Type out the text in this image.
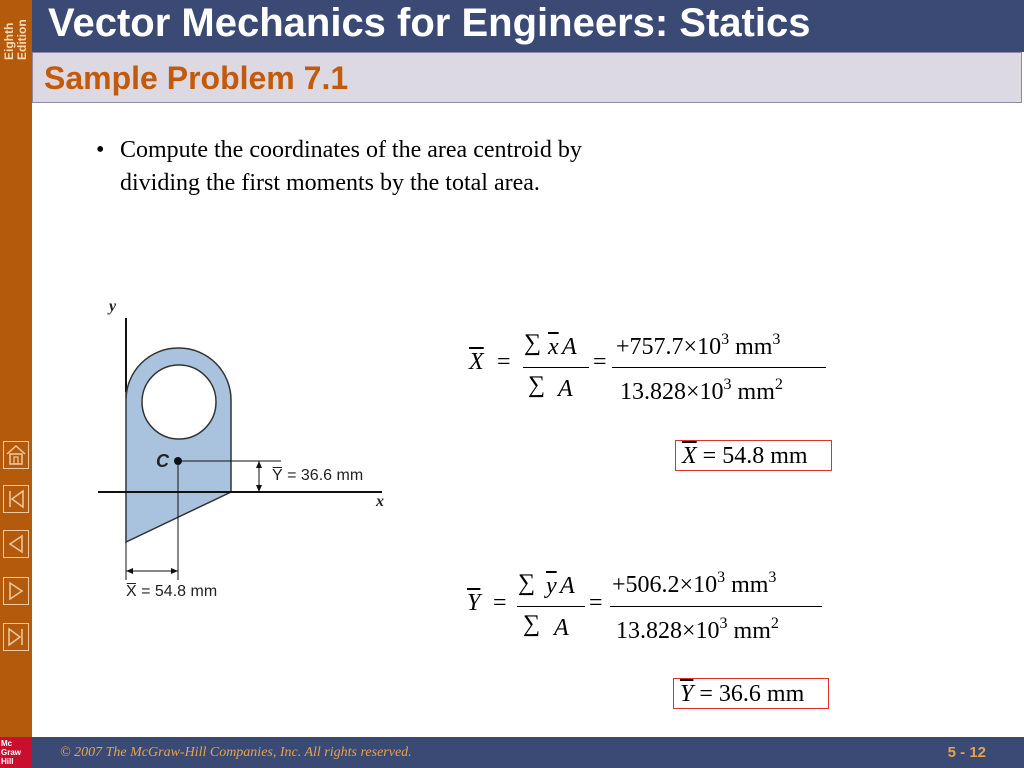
Eighth Edition
Mc
Graw
Hill
Vector Mechanics for Engineers: Statics
Sample Problem 7.1
• Compute the coordinates of the area centroid by dividing the first moments by the total area.
y
x
C
Y̅ = 36.6 mm
X̅ = 54.8 mm
$\overline{X}$ =
∑ $\overline{x}$ A
∑ A
=
$+757.7\times 10^3$ $mm^3$
$13.828\times 10^3$ $mm^2$
$\overline{X} = 54.8$ mm
$\overline{Y}$ =
∑ $\overline{y}$ A
∑ A
=
$+506.2\times 10^3$ $mm^3$
$13.828\times 10^3$ $mm^2$
$\overline{Y} = 36.6$ mm
© 2007 The McGraw-Hill Companies, Inc. All rights reserved.	5 - 12
